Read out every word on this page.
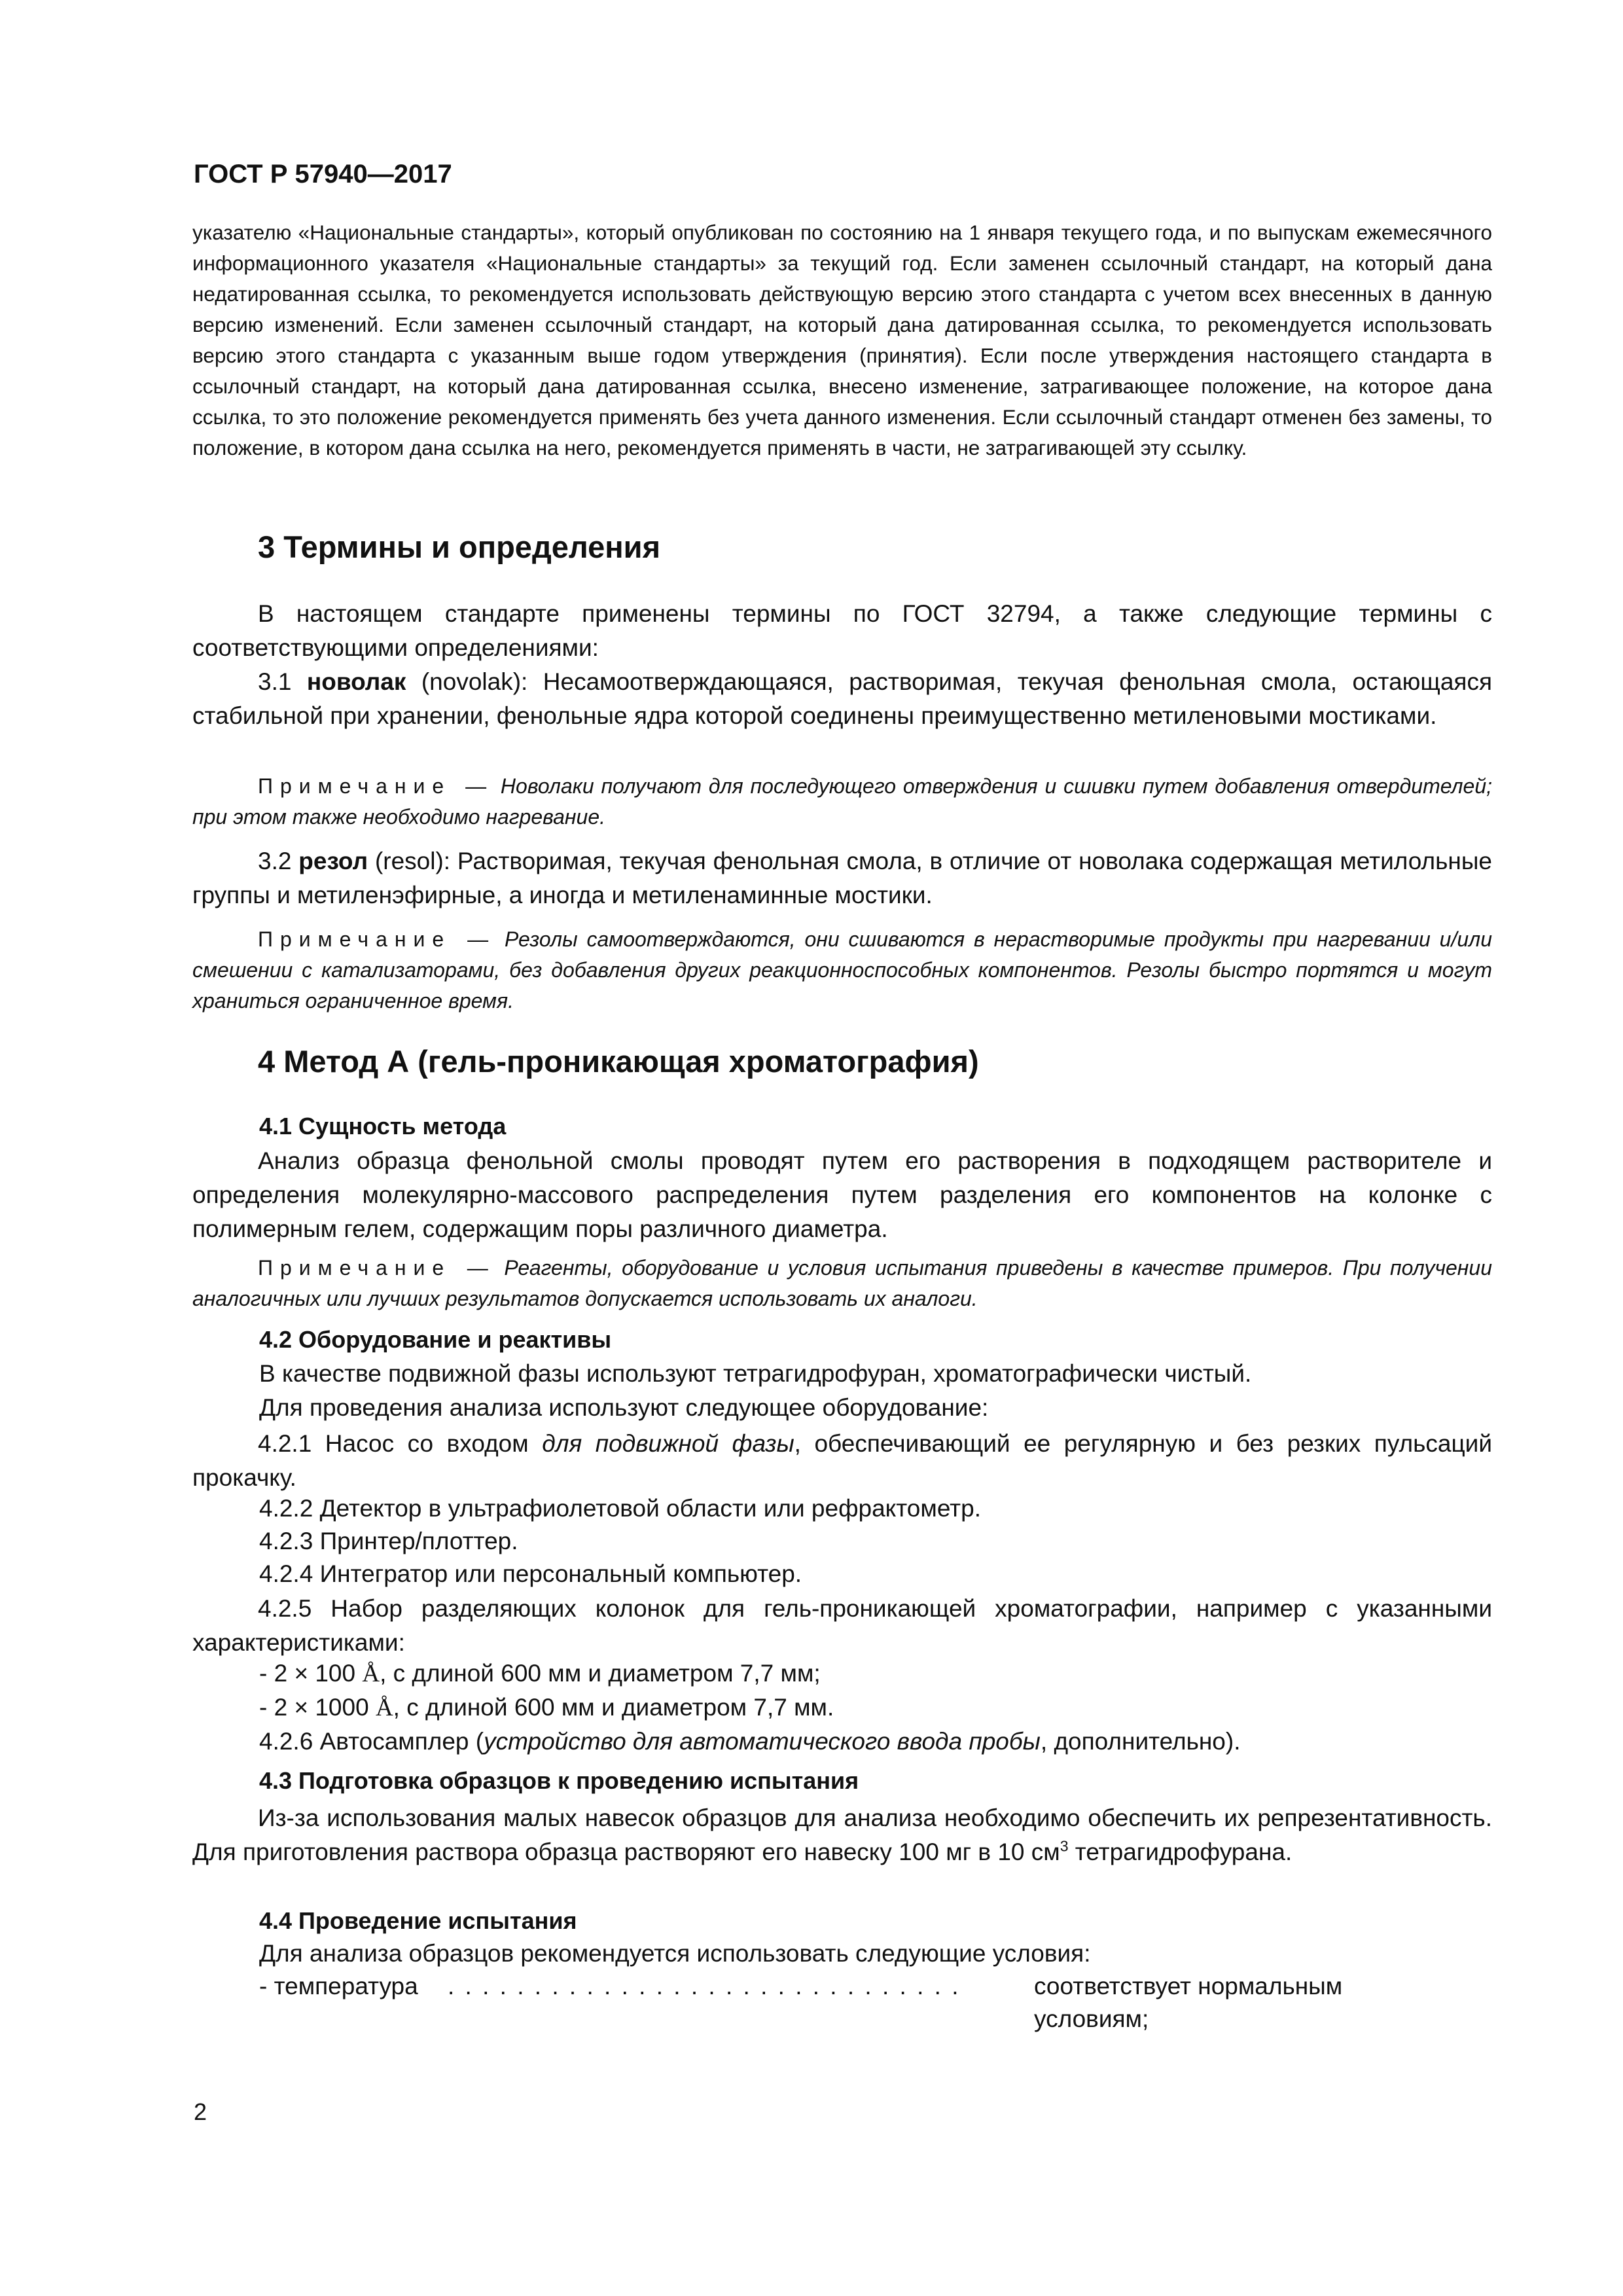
ГОСТ Р 57940—2017

указателю «Национальные стандарты», который опубликован по состоянию на 1 января текущего года, и по выпускам ежемесячного информационного указателя «Национальные стандарты» за текущий год. Если заменен ссылочный стандарт, на который дана недатированная ссылка, то рекомендуется использовать действующую версию этого стандарта с учетом всех внесенных в данную версию изменений. Если заменен ссылочный стандарт, на который дана датированная ссылка, то рекомендуется использовать версию этого стандарта с указанным выше годом утверждения (принятия). Если после утверждения настоящего стандарта в ссылочный стандарт, на который дана датированная ссылка, внесено изменение, затрагивающее положение, на которое дана ссылка, то это положение рекомендуется применять без учета данного изменения. Если ссылочный стандарт отменен без замены, то положение, в котором дана ссылка на него, рекомендуется применять в части, не затрагивающей эту ссылку.

3 Термины и определения

В настоящем стандарте применены термины по ГОСТ 32794, а также следующие термины с соответствующими определениями:

3.1 новолак (novolak): Несамоотверждающаяся, растворимая, текучая фенольная смола, остающаяся стабильной при хранении, фенольные ядра которой соединены преимущественно метиленовыми мостиками.

Примечание — Новолаки получают для последующего отверждения и сшивки путем добавления отвердителей; при этом также необходимо нагревание.

3.2 резол (resol): Растворимая, текучая фенольная смола, в отличие от новолака содержащая метилольные группы и метиленэфирные, а иногда и метиленаминные мостики.

Примечание — Резолы самоотверждаются, они сшиваются в нерастворимые продукты при нагревании и/или смешении с катализаторами, без добавления других реакционноспособных компонентов. Резолы быстро портятся и могут храниться ограниченное время.

4 Метод А (гель-проникающая хроматография)
4.1 Сущность метода

Анализ образца фенольной смолы проводят путем его растворения в подходящем растворителе и определения молекулярно-массового распределения путем разделения его компонентов на колонке с полимерным гелем, содержащим поры различного диаметра.

Примечание — Реагенты, оборудование и условия испытания приведены в качестве примеров. При получении аналогичных или лучших результатов допускается использовать их аналоги.

4.2 Оборудование и реактивы

В качестве подвижной фазы используют тетрагидрофуран, хроматографически чистый.

Для проведения анализа используют следующее оборудование:

4.2.1 Насос со входом для подвижной фазы, обеспечивающий ее регулярную и без резких пульсаций прокачку.

4.2.2 Детектор в ультрафиолетовой области или рефрактометр.

4.2.3 Принтер/плоттер.

4.2.4 Интегратор или персональный компьютер.

4.2.5 Набор разделяющих колонок для гель-проникающей хроматографии, например с указанными характеристиками:

- 2 × 100 Å, с длиной 600 мм и диаметром 7,7 мм;

- 2 × 1000 Å, с длиной 600 мм и диаметром 7,7 мм.

4.2.6 Автосамплер (устройство для автоматического ввода пробы, дополнительно).

4.3 Подготовка образцов к проведению испытания

Из-за использования малых навесок образцов для анализа необходимо обеспечить их репрезентативность. Для приготовления раствора образца растворяют его навеску 100 мг в 10 $см^3$ тетрагидрофурана.

4.4 Проведение испытания

Для анализа образцов рекомендуется использовать следующие условия:

- температура . . . . . . . . . . . . . . . . . . . . . . . . . . . . . .	соответствует нормальным

условиям;

2
